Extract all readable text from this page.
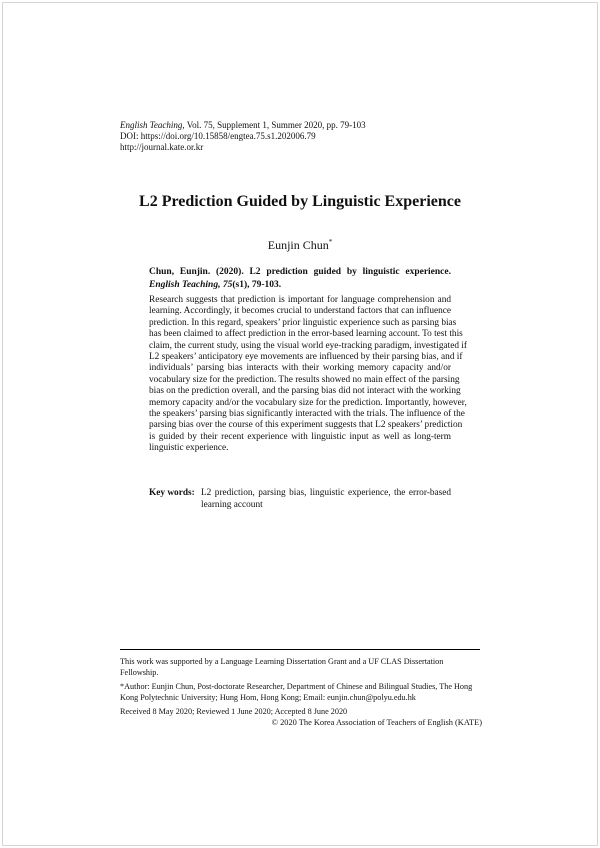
English Teaching, Vol. 75, Supplement 1, Summer 2020, pp. 79-103
DOI: https://doi.org/10.15858/engtea.75.s1.202006.79
http://journal.kate.or.kr
L2 Prediction Guided by Linguistic Experience
Eunjin Chun*
Chun, Eunjin. (2020). L2 prediction guided by linguistic experience. English Teaching, 75(s1), 79-103.
Research suggests that prediction is important for language comprehension and
learning. Accordingly, it becomes crucial to understand factors that can influence
prediction. In this regard, speakers’ prior linguistic experience such as parsing bias
has been claimed to affect prediction in the error-based learning account. To test this
claim, the current study, using the visual world eye-tracking paradigm, investigated if
L2 speakers’ anticipatory eye movements are influenced by their parsing bias, and if
individuals’ parsing bias interacts with their working memory capacity and/or
vocabulary size for the prediction. The results showed no main effect of the parsing
bias on the prediction overall, and the parsing bias did not interact with the working
memory capacity and/or the vocabulary size for the prediction. Importantly, however,
the speakers’ parsing bias significantly interacted with the trials. The influence of the
parsing bias over the course of this experiment suggests that L2 speakers’ prediction
is guided by their recent experience with linguistic input as well as long-term
linguistic experience.
Key words: L2 prediction, parsing bias, linguistic experience, the error-based
learning account

This work was supported by a Language Learning Dissertation Grant and a UF CLAS Dissertation Fellowship.

*Author: Eunjin Chun, Post-doctorate Researcher, Department of Chinese and Bilingual Studies, The Hong Kong Polytechnic University; Hung Hom, Hong Kong; Email: eunjin.chun@polyu.edu.hk

Received 8 May 2020; Reviewed 1 June 2020; Accepted 8 June 2020

© 2020 The Korea Association of Teachers of English (KATE)
